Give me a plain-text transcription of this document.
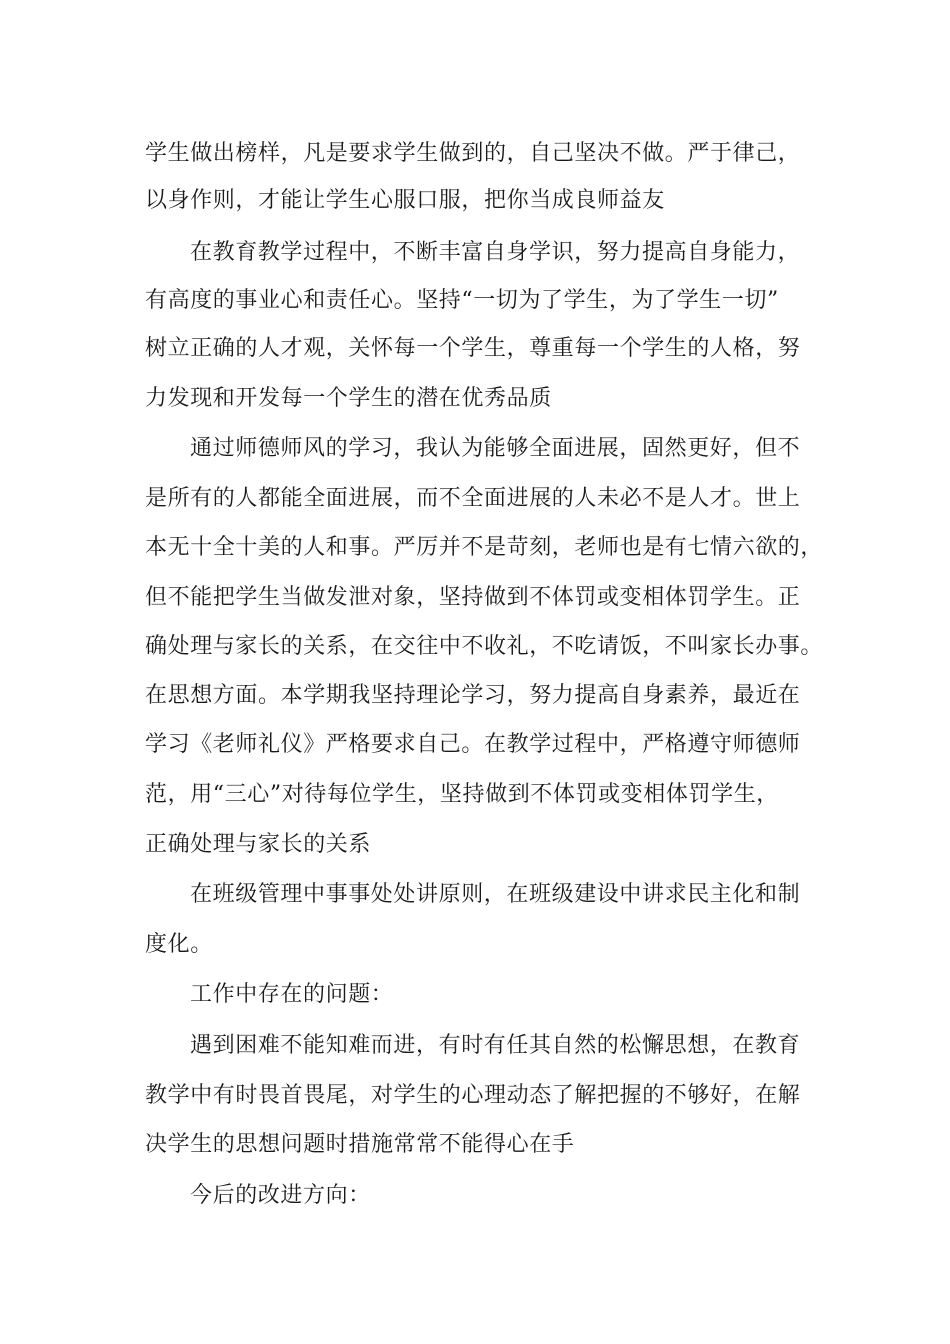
学生做出榜样，凡是要求学生做到的，自己坚决不做。严于律己，
以身作则，才能让学生心服口服，把你当成良师益友
在教育教学过程中，不断丰富自身学识，努力提高自身能力，
有高度的事业心和责任心。坚持“一切为了学生，为了学生一切”
树立正确的人才观，关怀每一个学生，尊重每一个学生的人格，努
力发现和开发每一个学生的潜在优秀品质
通过师德师风的学习，我认为能够全面进展，固然更好，但不
是所有的人都能全面进展，而不全面进展的人未必不是人才。世上
本无十全十美的人和事。严厉并不是苛刻，老师也是有七情六欲的，
但不能把学生当做发泄对象，坚持做到不体罚或变相体罚学生。正
确处理与家长的关系，在交往中不收礼，不吃请饭，不叫家长办事。
在思想方面。本学期我坚持理论学习，努力提高自身素养，最近在
学习《老师礼仪》严格要求自己。在教学过程中，严格遵守师德师
范，用“三心”对待每位学生，坚持做到不体罚或变相体罚学生，
正确处理与家长的关系
在班级管理中事事处处讲原则，在班级建设中讲求民主化和制
度化。
工作中存在的问题：
遇到困难不能知难而进，有时有任其自然的松懈思想，在教育
教学中有时畏首畏尾，对学生的心理动态了解把握的不够好，在解
决学生的思想问题时措施常常不能得心在手
今后的改进方向：
